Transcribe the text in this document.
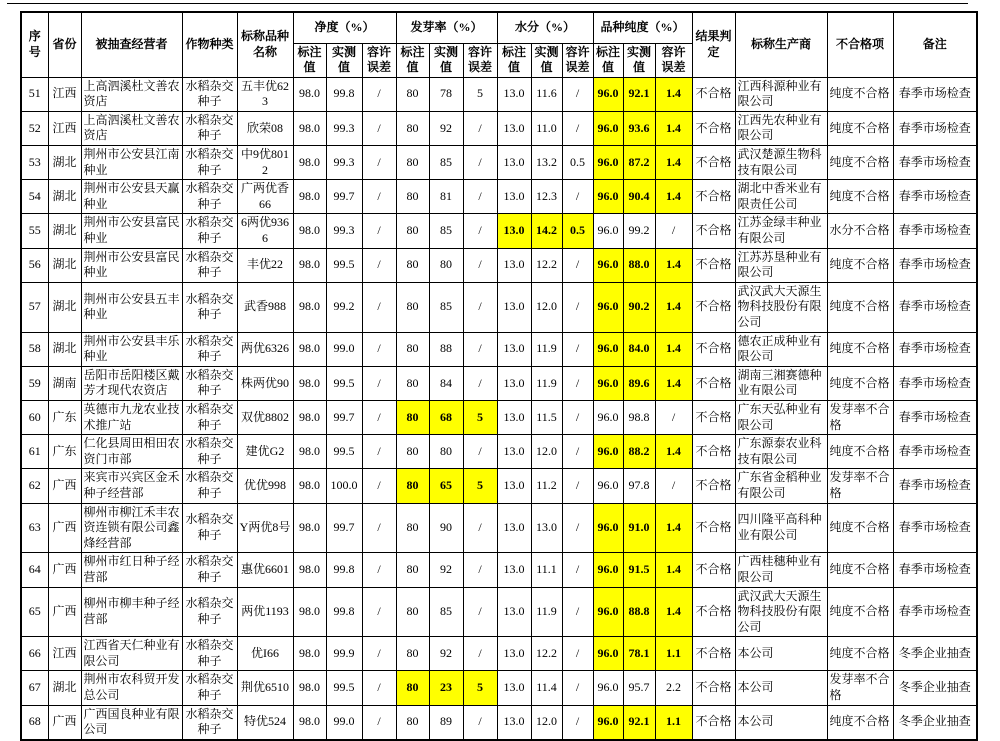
序号	省份	被抽查经营者	作物种类	标称品种名称	净度（%）			发芽率（%）			水分（%）			品种纯度（%）			结果判定	标称生产商	不合格项	备注
					标注值	实测值	容许误差	标注值	实测值	容许误差	标注值	实测值	容许误差	标注值	实测值	容许误差				
51	江西	上高泗溪杜文善农资店	水稻杂交种子	五丰优623	98.0	99.8	/	80	78	5	13.0	11.6	/	96.0	92.1	1.4	不合格	江西科源种业有限公司	纯度不合格	春季市场检查
52	江西	上高泗溪杜文善农资店	水稻杂交种子	欣荣08	98.0	99.3	/	80	92	/	13.0	11.0	/	96.0	93.6	1.4	不合格	江西先农种业有限公司	纯度不合格	春季市场检查
53	湖北	荆州市公安县江南种业	水稻杂交种子	中9优8012	98.0	99.3	/	80	85	/	13.0	13.2	0.5	96.0	87.2	1.4	不合格	武汉楚源生物科技有限公司	纯度不合格	春季市场检查
54	湖北	荆州市公安县天赢种业	水稻杂交种子	广两优香66	98.0	99.7	/	80	81	/	13.0	12.3	/	96.0	90.4	1.4	不合格	湖北中香米业有限责任公司	纯度不合格	春季市场检查
55	湖北	荆州市公安县富民种业	水稻杂交种子	6两优9366	98.0	99.3	/	80	85	/	13.0	14.2	0.5	96.0	99.2	/	不合格	江苏金绿丰种业有限公司	水分不合格	春季市场检查
56	湖北	荆州市公安县富民种业	水稻杂交种子	丰优22	98.0	99.5	/	80	80	/	13.0	12.2	/	96.0	88.0	1.4	不合格	江苏苏垦种业有限公司	纯度不合格	春季市场检查
57	湖北	荆州市公安县五丰种业	水稻杂交种子	武香988	98.0	99.2	/	80	85	/	13.0	12.0	/	96.0	90.2	1.4	不合格	武汉武大天源生物科技股份有限公司	纯度不合格	春季市场检查
58	湖北	荆州市公安县丰乐种业	水稻杂交种子	两优6326	98.0	99.0	/	80	88	/	13.0	11.9	/	96.0	84.0	1.4	不合格	德农正成种业有限公司	纯度不合格	春季市场检查
59	湖南	岳阳市岳阳楼区戴芳才现代农资店	水稻杂交种子	株两优90	98.0	99.5	/	80	84	/	13.0	11.9	/	96.0	89.6	1.4	不合格	湖南三湘赛德种业有限公司	纯度不合格	春季市场检查
60	广东	英德市九龙农业技术推广站	水稻杂交种子	双优8802	98.0	99.7	/	80	68	5	13.0	11.5	/	96.0	98.8	/	不合格	广东天弘种业有限公司	发芽率不合格	春季市场检查
61	广东	仁化县周田相田农资门市部	水稻杂交种子	建优G2	98.0	99.5	/	80	80	/	13.0	12.0	/	96.0	88.2	1.4	不合格	广东源泰农业科技有限公司	纯度不合格	春季市场检查
62	广西	来宾市兴宾区金禾种子经营部	水稻杂交种子	优优998	98.0	100.0	/	80	65	5	13.0	11.2	/	96.0	97.8	/	不合格	广东省金稻种业有限公司	发芽率不合格	春季市场检查
63	广西	柳州市柳江禾丰农资连锁有限公司鑫烽经营部	水稻杂交种子	Y两优8号	98.0	99.7	/	80	90	/	13.0	13.0	/	96.0	91.0	1.4	不合格	四川隆平高科种业有限公司	纯度不合格	春季市场检查
64	广西	柳州市红日种子经营部	水稻杂交种子	惠优6601	98.0	99.8	/	80	92	/	13.0	11.1	/	96.0	91.5	1.4	不合格	广西桂穗种业有限公司	纯度不合格	春季市场检查
65	广西	柳州市柳丰种子经营部	水稻杂交种子	两优1193	98.0	99.8	/	80	85	/	13.0	11.9	/	96.0	88.8	1.4	不合格	武汉武大天源生物科技股份有限公司	纯度不合格	春季市场检查
66	江西	江西省天仁种业有限公司	水稻杂交种子	优I66	98.0	99.9	/	80	92	/	13.0	12.2	/	96.0	78.1	1.1	不合格	本公司	纯度不合格	冬季企业抽查
67	湖北	荆州市农科贸开发总公司	水稻杂交种子	荆优6510	98.0	99.5	/	80	23	5	13.0	11.4	/	96.0	95.7	2.2	不合格	本公司	发芽率不合格	冬季企业抽查
68	广西	广西国良种业有限公司	水稻杂交种子	特优524	98.0	99.0	/	80	89	/	13.0	12.0	/	96.0	92.1	1.1	不合格	本公司	纯度不合格	冬季企业抽查
